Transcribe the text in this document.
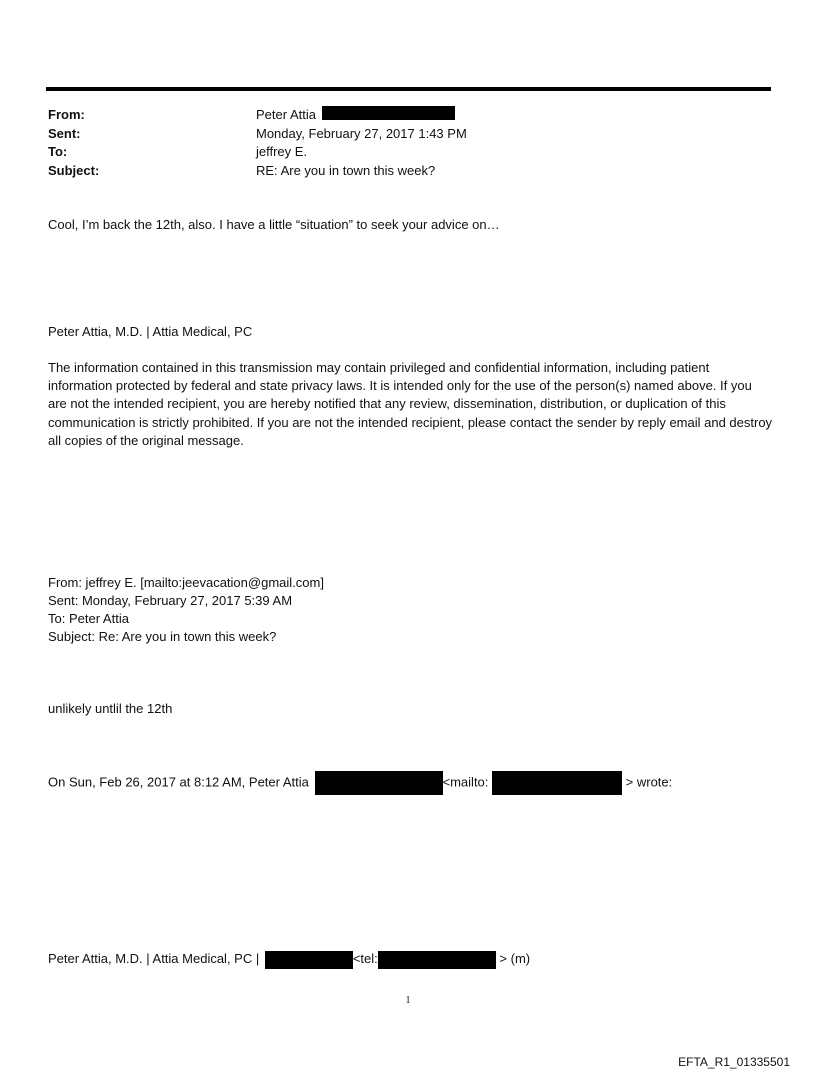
From:	Peter Attia
Sent:	Monday, February 27, 2017 1:43 PM
To:	jeffrey E.
Subject:	RE: Are you in town this week?
Cool, I’m back the 12th, also. I have a little “situation” to seek your advice on…
Peter Attia, M.D. | Attia Medical, PC
The information contained in this transmission may contain privileged and confidential information, including patient information protected by federal and state privacy laws. It is intended only for the use of the person(s) named above. If you are not the intended recipient, you are hereby notified that any review, dissemination, distribution, or duplication of this communication is strictly prohibited. If you are not the intended recipient, please contact the sender by reply email and destroy all copies of the original message.
From: jeffrey E. [mailto:jeevacation@gmail.com]
Sent: Monday, February 27, 2017 5:39 AM
To: Peter Attia
Subject: Re: Are you in town this week?
unlikely untlil the 12th
On Sun, Feb 26, 2017 at 8:12 AM, Peter Attia	<mailto:	> wrote:
Peter Attia, M.D. | Attia Medical, PC |	<tel:	> (m)
1
EFTA_R1_01335501
